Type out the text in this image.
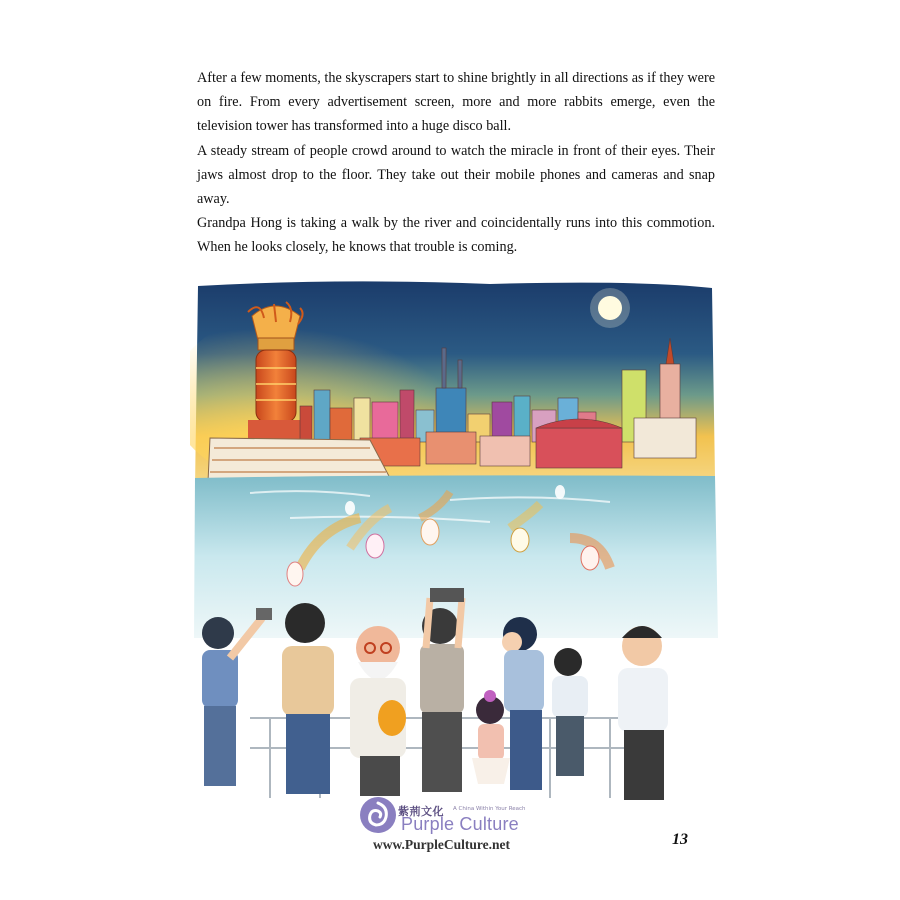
After a few moments, the skyscrapers start to shine brightly in all directions as if they were on fire. From every advertisement screen, more and more rabbits emerge, even the television tower has transformed into a huge disco ball.

A steady stream of people crowd around to watch the miracle in front of their eyes. Their jaws almost drop to the floor. They take out their mobile phones and cameras and snap away.

Grandpa Hong is taking a walk by the river and coincidentally runs into this commotion. When he looks closely, he knows that trouble is coming.

紫荊文化 A China Within Your Reach
Purple Culture
www.PurpleCulture.net	13
